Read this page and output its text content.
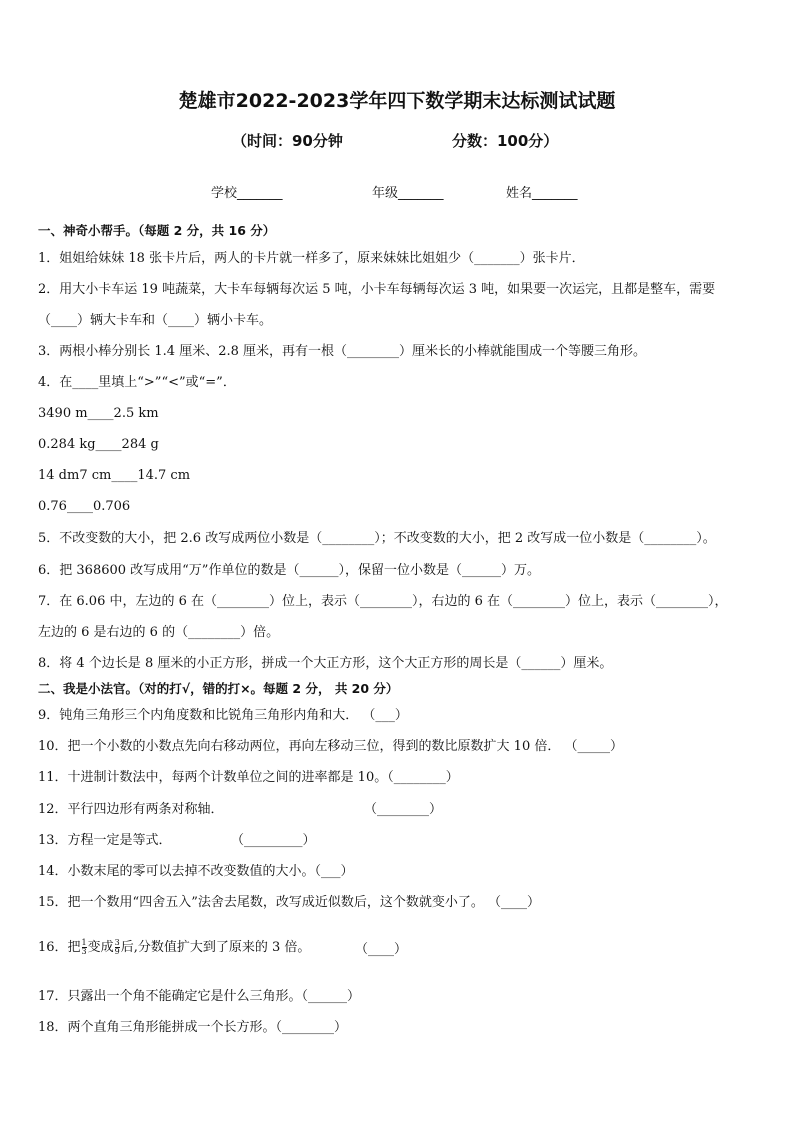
楚雄市2022-2023学年四下数学期末达标测试试题
（时间：90分钟	分数：100分）
学校_______	年级_______	姓名_______
一、神奇小帮手。（每题 2 分，共 16 分）
1．姐姐给妹妹 18 张卡片后，两人的卡片就一样多了，原来妹妹比姐姐少（_______）张卡片．
2．用大小卡车运 19 吨蔬菜，大卡车每辆每次运 5 吨，小卡车每辆每次运 3 吨，如果要一次运完，且都是整车，需要
（____）辆大卡车和（____）辆小卡车。
3．两根小棒分别长 1.4 厘米、2.8 厘米，再有一根（________）厘米长的小棒就能围成一个等腰三角形。
4．在____里填上“>”“<”或“=”．
3490 m____2.5 km
0.284 kg____284 g
14 dm7 cm____14.7 cm
0.76____0.706
5．不改变数的大小，把 2.6 改写成两位小数是（________）；不改变数的大小，把 2 改写成一位小数是（________）。
6．把 368600 改写成用“万”作单位的数是（______），保留一位小数是（______）万。
7．在 6.06 中，左边的 6 在（________）位上，表示（________），右边的 6 在（________）位上，表示（________），
左边的 6 是右边的 6 的（________）倍。
8．将 4 个边长是 8 厘米的小正方形，拼成一个大正方形，这个大正方形的周长是（______）厘米。
二、我是小法官。（对的打√，错的打×。每题 2 分， 共 20 分）
9．钝角三角形三个内角度数和比锐角三角形内角和大． （___）
10．把一个小数的小数点先向右移动两位，再向左移动三位，得到的数比原数扩大 10 倍． （_____）
11．十进制计数法中，每两个计数单位之间的进率都是 10。（________）
12．平行四边形有两条对称轴．	（________）
13．方程一定是等式．	（_________）
14．小数末尾的零可以去掉不改变数值的大小。（___）
15．把一个数用“四舍五入”法舍去尾数，改写成近似数后，这个数就变小了。 （____）
16．把 $\frac{1}{3}$ 变成 $\frac{3}{9}$ 后,分数值扩大到了原来的 3 倍。	（____）
17．只露出一个角不能确定它是什么三角形。（______）
18．两个直角三角形能拼成一个长方形。（________）
